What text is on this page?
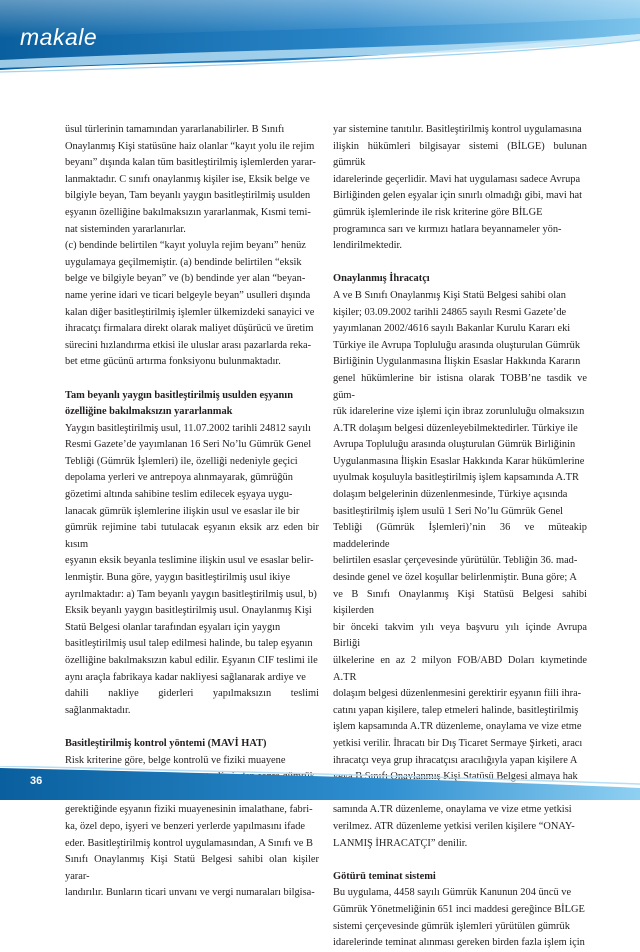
makale

üsul türlerinin tamamından yararlanabilirler. B Sınıfı
Onaylanmış Kişi statüsüne haiz olanlar “kayıt yolu ile rejim
beyanı” dışında kalan tüm basitleştirilmiş işlemlerden yarar-
lanmaktadır. C sınıfı onaylanmış kişiler ise, Eksik belge ve
bilgiyle beyan, Tam beyanlı yaygın basitleştirilmiş usulden
eşyanın özelliğine bakılmaksızın yararlanmak, Kısmi temi-
nat sisteminden yararlanırlar.

(c) bendinde belirtilen “kayıt yoluyla rejim beyanı” henüz
uygulamaya geçilmemiştir. (a) bendinde belirtilen “eksik
belge ve bilgiyle beyan” ve (b) bendinde yer alan “beyan-
name yerine idari ve ticari belgeyle beyan” usulleri dışında
kalan diğer basitleştirilmiş işlemler ülkemizdeki sanayici ve
ihracatçı firmalara direkt olarak maliyet düşürücü ve üretim
sürecini hızlandırma etkisi ile uluslar arası pazarlarda reka-
bet etme gücünü artırma fonksiyonu bulunmaktadır.

Tam beyanlı yaygın basitleştirilmiş usulden eşyanın
özelliğine bakılmaksızın yararlanmak

Yaygın basitleştirilmiş usul, 11.07.2002 tarihli 24812 sayılı
Resmi Gazete’de yayımlanan 16 Seri No’lu Gümrük Genel
Tebliği (Gümrük İşlemleri) ile, özelliği nedeniyle geçici
depolama yerleri ve antrepoya alınmayarak, gümrüğün
gözetimi altında sahibine teslim edilecek eşyaya uygu-
lanacak gümrük işlemlerine ilişkin usul ve esaslar ile bir
gümrük rejimine tabi tutulacak eşyanın eksik arz eden bir kısım
eşyanın eksik beyanla teslimine ilişkin usul ve esaslar belir-
lenmiştir. Buna göre, yaygın basitleştirilmiş usul ikiye
ayrılmaktadır: a) Tam beyanlı yaygın basitleştirilmiş usul, b)
Eksik beyanlı yaygın basitleştirilmiş usul. Onaylanmış Kişi
Statü Belgesi olanlar tarafından eşyaları için yaygın
basitleştirilmiş usul talep edilmesi halinde, bu talep eşyanın
özelliğine bakılmaksızın kabul edilir. Eşyanın CIF teslimi ile
aynı araçla fabrikaya kadar nakliyesi sağlanarak ardiye ve
dahili nakliye giderleri yapılmaksızın teslimi sağlanmaktadır.

Basitleştirilmiş kontrol yöntemi (MAVİ HAT)

Risk kriterine göre, belge kontrolü ve fiziki muayene

gerektiğinde eşyanın fiziki muayenesinin imalathane, fabri-
ka, özel depo, işyeri ve benzeri yerlerde yapılmasını ifade
eder. Basitleştirilmiş kontrol uygulamasından, A Sınıfı ve B
Sınıfı Onaylanmış Kişi Statü Belgesi sahibi olan kişiler yarar-
landırılır. Bunların ticari unvanı ve vergi numaraları bilgisa-

yar sistemine tanıtılır. Basitleştirilmiş kontrol uygulamasına
ilişkin hükümleri bilgisayar sistemi (BİLGE) bulunan gümrük
idarelerinde geçerlidir. Mavi hat uygulaması sadece Avrupa
Birliğinden gelen eşyalar için sınırlı olmadığı gibi, mavi hat
gümrük işlemlerinde ile risk kriterine göre BİLGE
programınca sarı ve kırmızı hatlara beyannameler yön-
lendirilmektedir.

Onaylanmış İhracatçı

A ve B Sınıfı Onaylanmış Kişi Statü Belgesi sahibi olan
kişiler; 03.09.2002 tarihli 24865 sayılı Resmi Gazete’de
yayımlanan 2002/4616 sayılı Bakanlar Kurulu Kararı eki
Türkiye ile Avrupa Topluluğu arasında oluşturulan Gümrük
Birliğinin Uygulanmasına İlişkin Esaslar Hakkında Kararın
genel hükümlerine bir istisna olarak TOBB’ne tasdik ve güm-
rük idarelerine vize işlemi için ibraz zorunluluğu olmaksızın
A.TR dolaşım belgesi düzenleyebilmektedirler. Türkiye ile
Avrupa Topluluğu arasında oluşturulan Gümrük Birliğinin
Uygulanmasına İlişkin Esaslar Hakkında Karar hükümlerine
uyulmak koşuluyla basitleştirilmiş işlem kapsamında A.TR
dolaşım belgelerinin düzenlenmesinde, Türkiye açısında
basitleştirilmiş işlem usulü 1 Seri No’lu Gümrük Genel
Tebliği (Gümrük İşlemleri)’nin 36 ve müteakip maddelerinde
belirtilen esaslar çerçevesinde yürütülür. Tebliğin 36. mad-
desinde genel ve özel koşullar belirlenmiştir. Buna göre; A
ve B Sınıfı Onaylanmış Kişi Statüsü Belgesi sahibi kişilerden
bir önceki takvim yılı veya başvuru yılı içinde Avrupa Birliği
ülkelerine en az 2 milyon FOB/ABD Doları kıymetinde A.TR
dolaşım belgesi düzenlenmesini gerektirir eşyanın fiili ihra-
catını yapan kişilere, talep etmeleri halinde, basitleştirilmiş
işlem kapsamında A.TR düzenleme, onaylama ve vize etme
yetkisi verilir. İhracatı bir Dış Ticaret Sermaye Şirketi, aracı
ihracatçı veya grup ihracatçısı aracılığıyla yapan kişilere A
veya B Sınıfı Onaylanmış Kişi Statüsü Belgesi almaya hak

samında A.TR düzenleme, onaylama ve vize etme yetkisi
verilmez. ATR düzenleme yetkisi verilen kişilere “ONAY-
LANMIŞ İHRACATÇI” denilir.

Götürü teminat sistemi

Bu uygulama, 4458 sayılı Gümrük Kanunun 204 üncü ve
Gümrük Yönetmeliğinin 651 inci maddesi gereğince BİLGE
sistemi çerçevesinde gümrük işlemleri yürütülen gümrük
idarelerinde teminat alınması gereken birden fazla işlem için

36
